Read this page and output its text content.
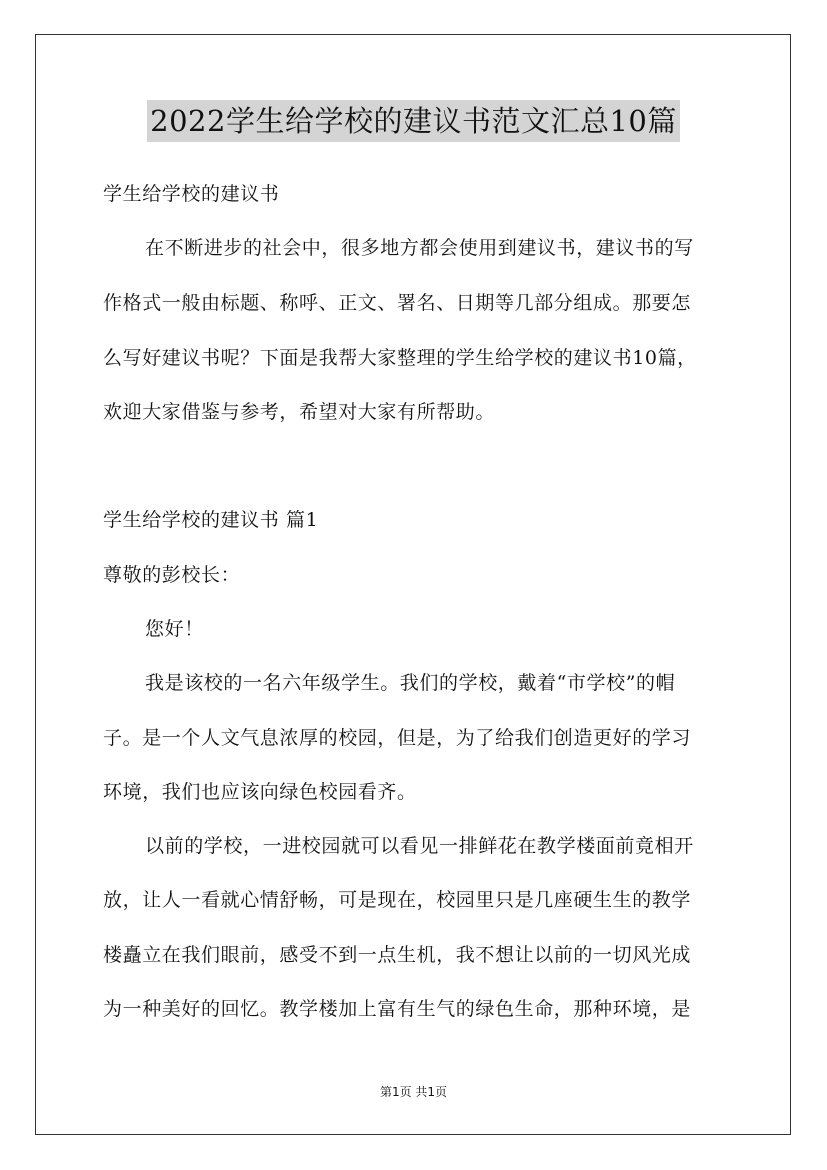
2022学生给学校的建议书范文汇总10篇
学生给学校的建议书
在不断进步的社会中，很多地方都会使用到建议书，建议书的写
作格式一般由标题、称呼、正文、署名、日期等几部分组成。那要怎
么写好建议书呢？下面是我帮大家整理的学生给学校的建议书10篇，
欢迎大家借鉴与参考，希望对大家有所帮助。
学生给学校的建议书 篇1
尊敬的彭校长：
您好！
我是该校的一名六年级学生。我们的学校，戴着“市学校”的帽
子。是一个人文气息浓厚的校园，但是，为了给我们创造更好的学习
环境，我们也应该向绿色校园看齐。
以前的学校，一进校园就可以看见一排鲜花在教学楼面前竟相开
放，让人一看就心情舒畅，可是现在，校园里只是几座硬生生的教学
楼矗立在我们眼前，感受不到一点生机，我不想让以前的一切风光成
为一种美好的回忆。教学楼加上富有生气的绿色生命，那种环境，是
第1页 共1页
